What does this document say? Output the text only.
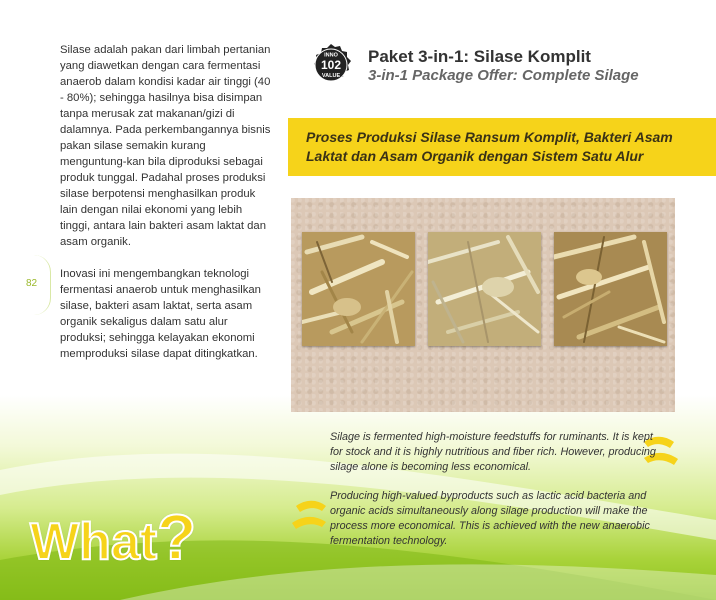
Silase adalah pakan dari limbah pertanian yang diawetkan dengan cara fermentasi anaerob dalam kondisi kadar air tinggi (40 - 80%); sehingga hasilnya bisa disimpan tanpa merusak zat makanan/gizi di dalamnya. Pada perkembangannya bisnis pakan silase semakin kurang menguntung-kan bila diproduksi sebagai produk tunggal. Padahal proses produksi silase berpotensi menghasilkan produk lain dengan nilai ekonomi yang lebih tinggi, antara lain bakteri asam laktat dan asam organik.

Inovasi ini mengembangkan teknologi fermentasi anaerob untuk menghasilkan silase, bakteri asam laktat, serta asam organik sekaligus dalam satu alur produksi; sehingga kelayakan ekonomi memproduksi silase dapat ditingkatkan.

82
INNO
102
VALUE
Paket 3-in-1: Silase Komplit
3-in-1 Package Offer: Complete Silage
Proses Produksi Silase Ransum Komplit, Bakteri Asam Laktat dan Asam Organik dengan Sistem Satu Alur

Silage is fermented high-moisture feedstuffs for ruminants. It is kept for stock and it is highly nutritious and fiber rich. However, producing silage alone is becoming less economical.

Producing high-valued byproducts such as lactic acid bacteria and organic acids simultaneously along silage production will make the process more economical. This is achieved with the new anaerobic fermentation technology.

What?
